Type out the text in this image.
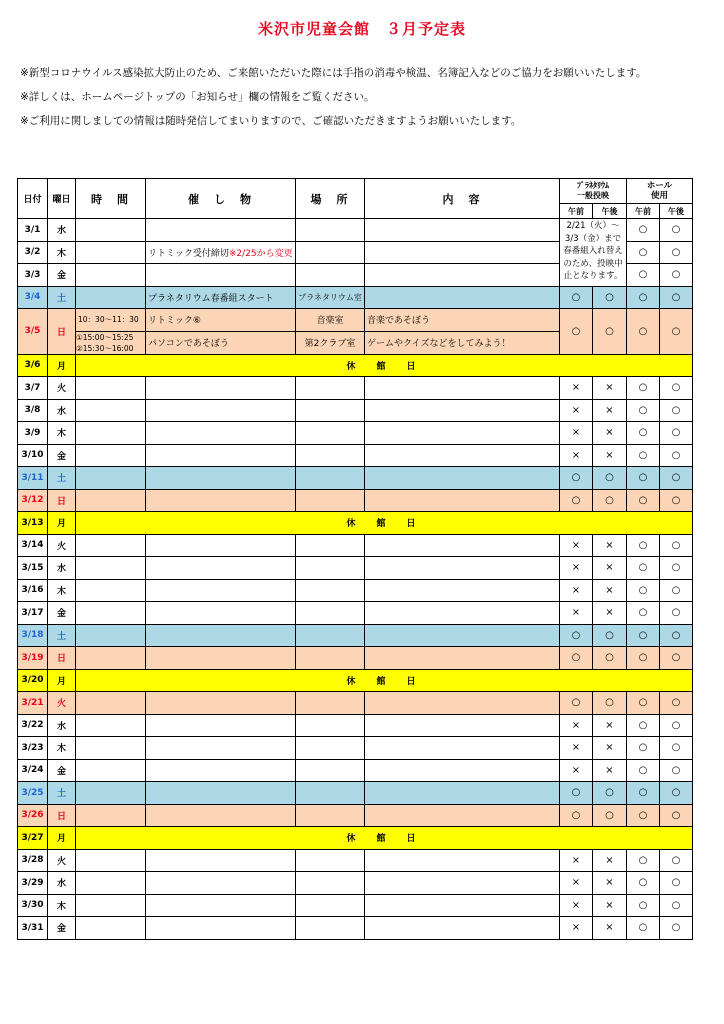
米沢市児童会館　３月予定表

※新型コロナウイルス感染拡大防止のため、ご来館いただいた際には手指の消毒や検温、名簿記入などのご協力をお願いいたします。

※詳しくは、ホームページトップの「お知らせ」欄の情報をご覧ください。

※ご利用に関しましての情報は随時発信してまいりますので、ご確認いただきますようお願いいたします。

日付	曜日	時　間	催　し　物	場　所	内　容	ﾌﾟﾗﾈﾀﾘｳﾑ
一般投映		ホール
使用	
						午前	午後	午前	午後
3/1	水					2/21（火）～3/3（金）まで春番組入れ替えのため、投映中止となります。		○	○
3/2	木		リトミック受付締切※2/25から変更					○	○
3/3	金							○	○
3/4	土		プラネタリウム春番組スタート	プラネタリウム室		○	○	○	○
3/5	日	10：30～11：30	リトミック⑥	音楽室	音楽であそぼう	○	○	○	○

		①15:00～15:25
②15:30～16:00	パソコンであそぼう	第2クラブ室	ゲームやクイズなどをしてみよう！				
3/6	月	休　館　日							
3/7	火					×	×	○	○
3/8	水					×	×	○	○
3/9	木					×	×	○	○
3/10	金					×	×	○	○
3/11	土					○	○	○	○
3/12	日					○	○	○	○
3/13	月	休　館　日							
3/14	火					×	×	○	○
3/15	水					×	×	○	○
3/16	木					×	×	○	○
3/17	金					×	×	○	○
3/18	土					○	○	○	○
3/19	日					○	○	○	○
3/20	月	休　館　日							
3/21	火					○	○	○	○
3/22	水					×	×	○	○
3/23	木					×	×	○	○
3/24	金					×	×	○	○
3/25	土					○	○	○	○
3/26	日					○	○	○	○
3/27	月	休　館　日							
3/28	火					×	×	○	○
3/29	水					×	×	○	○
3/30	木					×	×	○	○
3/31	金					×	×	○	○
